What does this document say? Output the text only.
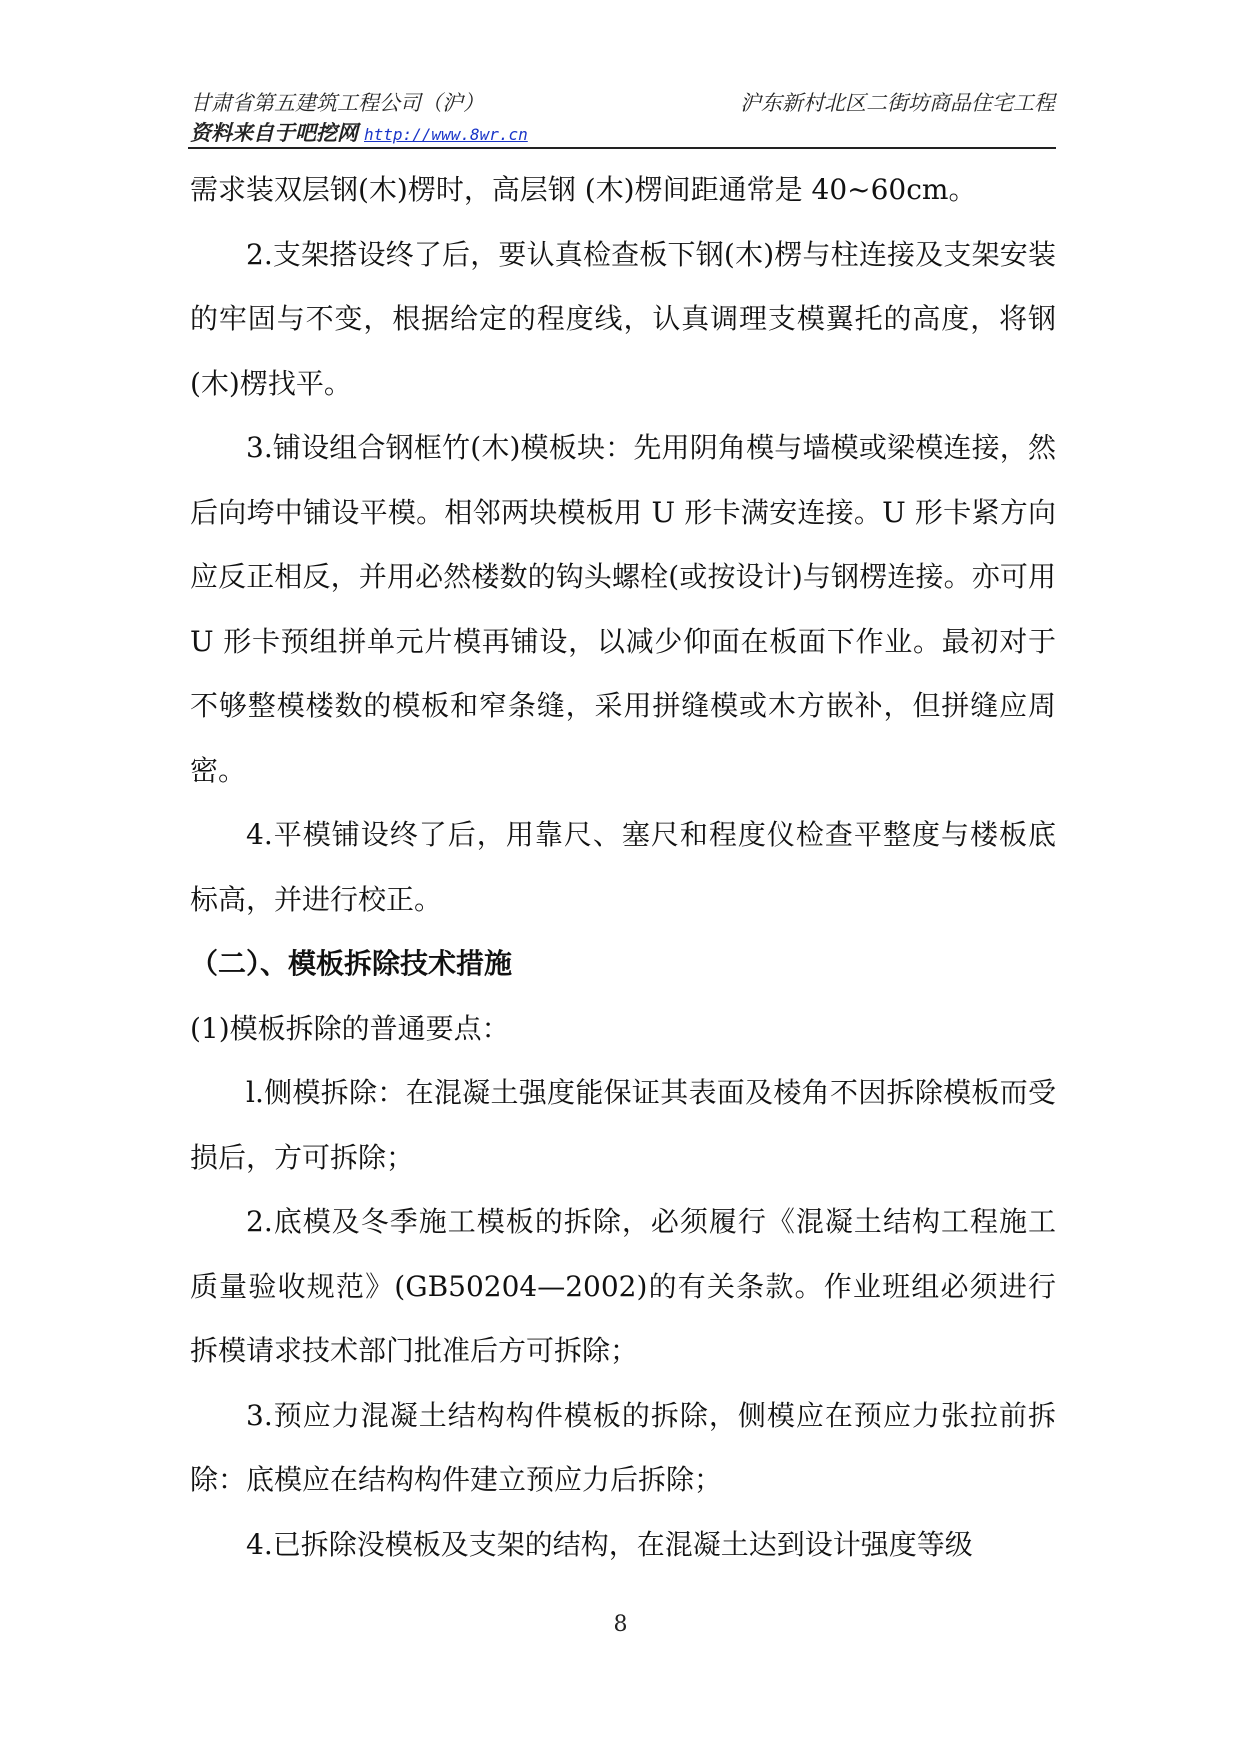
甘肃省第五建筑工程公司（沪）
资料来自于吧挖网 http://www.8wr.cn
沪东新村北区二街坊商品住宅工程

需求装双层钢(木)楞时，高层钢 (木)楞间距通常是 40~60cm。

2.支架搭设终了后，要认真检查板下钢(木)楞与柱连接及支架安装的牢固与不变，根据给定的程度线，认真调理支模翼托的高度，将钢 (木)楞找平。

3.铺设组合钢框竹(木)模板块：先用阴角模与墙模或梁模连接，然后向垮中铺设平模。相邻两块模板用 U 形卡满安连接。U 形卡紧方向应反正相反，并用必然楼数的钩头螺栓(或按设计)与钢楞连接。亦可用 U 形卡预组拼单元片模再铺设，以减少仰面在板面下作业。最初对于不够整模楼数的模板和窄条缝，采用拼缝模或木方嵌补，但拼缝应周密。

4.平模铺设终了后，用靠尺、塞尺和程度仪检查平整度与楼板底标高，并进行校正。

（二）、模板拆除技术措施

(1)模板拆除的普通要点：

l.侧模拆除：在混凝土强度能保证其表面及棱角不因拆除模板而受损后，方可拆除；

2.底模及冬季施工模板的拆除，必须履行《混凝土结构工程施工质量验收规范》(GB50204—2002)的有关条款。作业班组必须进行拆模请求技术部门批准后方可拆除；

3.预应力混凝土结构构件模板的拆除，侧模应在预应力张拉前拆除：底模应在结构构件建立预应力后拆除；

4.已拆除没模板及支架的结构，在混凝土达到设计强度等级

8
